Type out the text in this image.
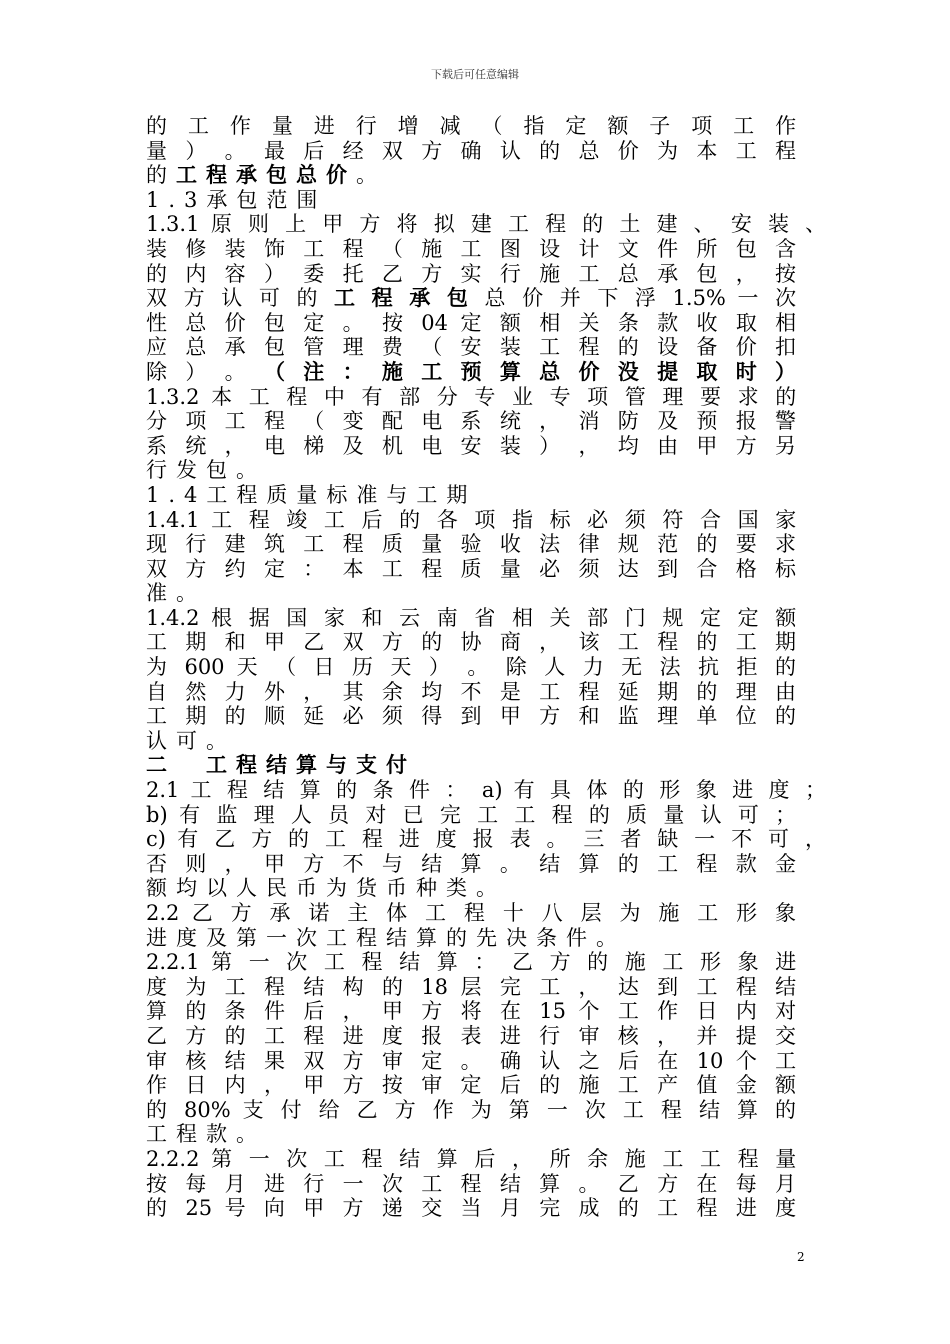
下载后可任意编辑
的 工 作 量 进 行 增 减 （ 指 定 额 子 项 工 作
量 ） 。 最 后 经 双 方 确 认 的 总 价 为 本 工 程
的工程承包总价。
1.3承包范围
1.3.1 原 则 上 甲 方 将 拟 建 工 程 的 土 建 、 安 装 、
装 修 装 饰 工 程 （ 施 工 图 设 计 文 件 所 包 含
的 内 容 ） 委 托 乙 方 实 行 施 工 总 承 包 ， 按
双 方 认 可 的 工 程 承 包 总 价 并 下 浮 1.5% 一 次
性 总 价 包 定 。 按 04 定 额 相 关 条 款 收 取 相
应 总 承 包 管 理 费 （ 安 装 工 程 的 设 备 价 扣
除 ） 。 （ 注 ： 施 工 预 算 总 价 没 提 取 时 ）
1.3.2 本 工 程 中 有 部 分 专 业 专 项 管 理 要 求 的
分 项 工 程 （ 变 配 电 系 统 ， 消 防 及 预 报 警
系 统 ， 电 梯 及 机 电 安 装 ） ， 均 由 甲 方 另
行发包。
1.4工程质量标准与工期
1.4.1 工 程 竣 工 后 的 各 项 指 标 必 须 符 合 国 家
现 行 建 筑 工 程 质 量 验 收 法 律 规 范 的 要 求
双 方 约 定 ： 本 工 程 质 量 必 须 达 到 合 格 标
准。
1.4.2 根 据 国 家 和 云 南 省 相 关 部 门 规 定 定 额
工 期 和 甲 乙 双 方 的 协 商 ， 该 工 程 的 工 期
为 600 天 （ 日 历 天 ） 。 除 人 力 无 法 抗 拒 的
自 然 力 外 ， 其 余 均 不 是 工 程 延 期 的 理 由
工 期 的 顺 延 必 须 得 到 甲 方 和 监 理 单 位 的
认可。
二　 工程结算与支付
2.1 工 程 结 算 的 条 件 ： a) 有 具 体 的 形 象 进 度 ；
b) 有 监 理 人 员 对 已 完 工 工 程 的 质 量 认 可 ；
c) 有 乙 方 的 工 程 进 度 报 表 。 三 者 缺 一 不 可 ，
否 则 ， 甲 方 不 与 结 算 。 结 算 的 工 程 款 金
额均以人民币为货币种类。
2.2 乙 方 承 诺 主 体 工 程 十 八 层 为 施 工 形 象
进度及第一次工程结算的先决条件。
2.2.1 第 一 次 工 程 结 算 ： 乙 方 的 施 工 形 象 进
度 为 工 程 结 构 的 18 层 完 工 ， 达 到 工 程 结
算 的 条 件 后 ， 甲 方 将 在 15 个 工 作 日 内 对
乙 方 的 工 程 进 度 报 表 进 行 审 核 ， 并 提 交
审 核 结 果 双 方 审 定 。 确 认 之 后 在 10 个 工
作 日 内 ， 甲 方 按 审 定 后 的 施 工 产 值 金 额
的 80% 支 付 给 乙 方 作 为 第 一 次 工 程 结 算 的
工程款。
2.2.2 第 一 次 工 程 结 算 后 ， 所 余 施 工 工 程 量
按 每 月 进 行 一 次 工 程 结 算 。 乙 方 在 每 月
的 25 号 向 甲 方 递 交 当 月 完 成 的 工 程 进 度
2
